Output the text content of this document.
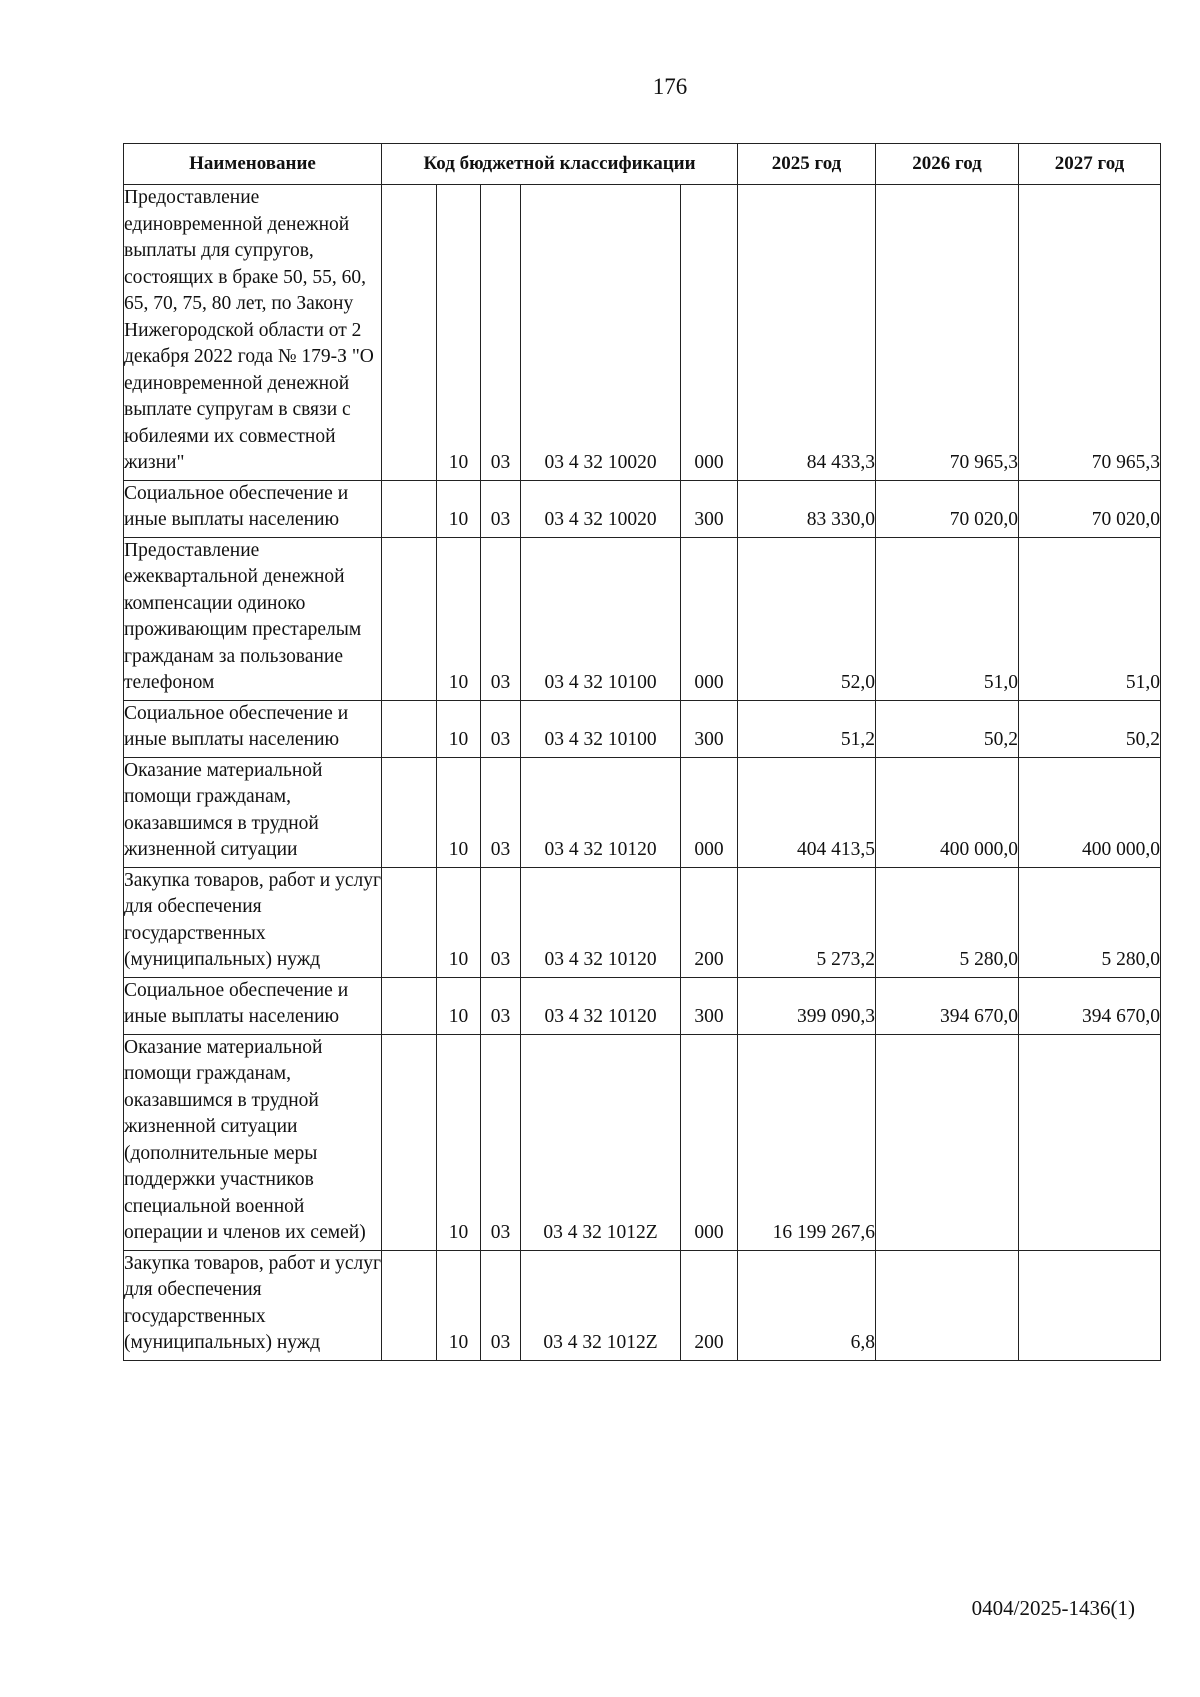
176
Наименование	Код бюджетной классификации					2025 год	2026 год	2027 год
Предоставление единовременной денежной выплаты для супругов, состоящих в браке 50, 55, 60, 65, 70, 75, 80 лет, по Закону Нижегородской области от 2 декабря 2022 года № 179-З "О единовременной денежной выплате супругам в связи с юбилеями их совместной жизни"		10	03	03 4 32 10020	000	84 433,3	70 965,3	70 965,3
Социальное обеспечение и иные выплаты населению		10	03	03 4 32 10020	300	83 330,0	70 020,0	70 020,0
Предоставление ежеквартальной денежной компенсации одиноко проживающим престарелым гражданам за пользование телефоном		10	03	03 4 32 10100	000	52,0	51,0	51,0
Социальное обеспечение и иные выплаты населению		10	03	03 4 32 10100	300	51,2	50,2	50,2
Оказание материальной помощи гражданам, оказавшимся в трудной жизненной ситуации		10	03	03 4 32 10120	000	404 413,5	400 000,0	400 000,0
Закупка товаров, работ и услуг для обеспечения государственных (муниципальных) нужд		10	03	03 4 32 10120	200	5 273,2	5 280,0	5 280,0
Социальное обеспечение и иные выплаты населению		10	03	03 4 32 10120	300	399 090,3	394 670,0	394 670,0
Оказание материальной помощи гражданам, оказавшимся в трудной жизненной ситуации (дополнительные меры поддержки участников специальной военной операции и членов их семей)		10	03	03 4 32 1012Z	000	16 199 267,6		
Закупка товаров, работ и услуг для обеспечения государственных (муниципальных) нужд		10	03	03 4 32 1012Z	200	6,8		
0404/2025-1436(1)
